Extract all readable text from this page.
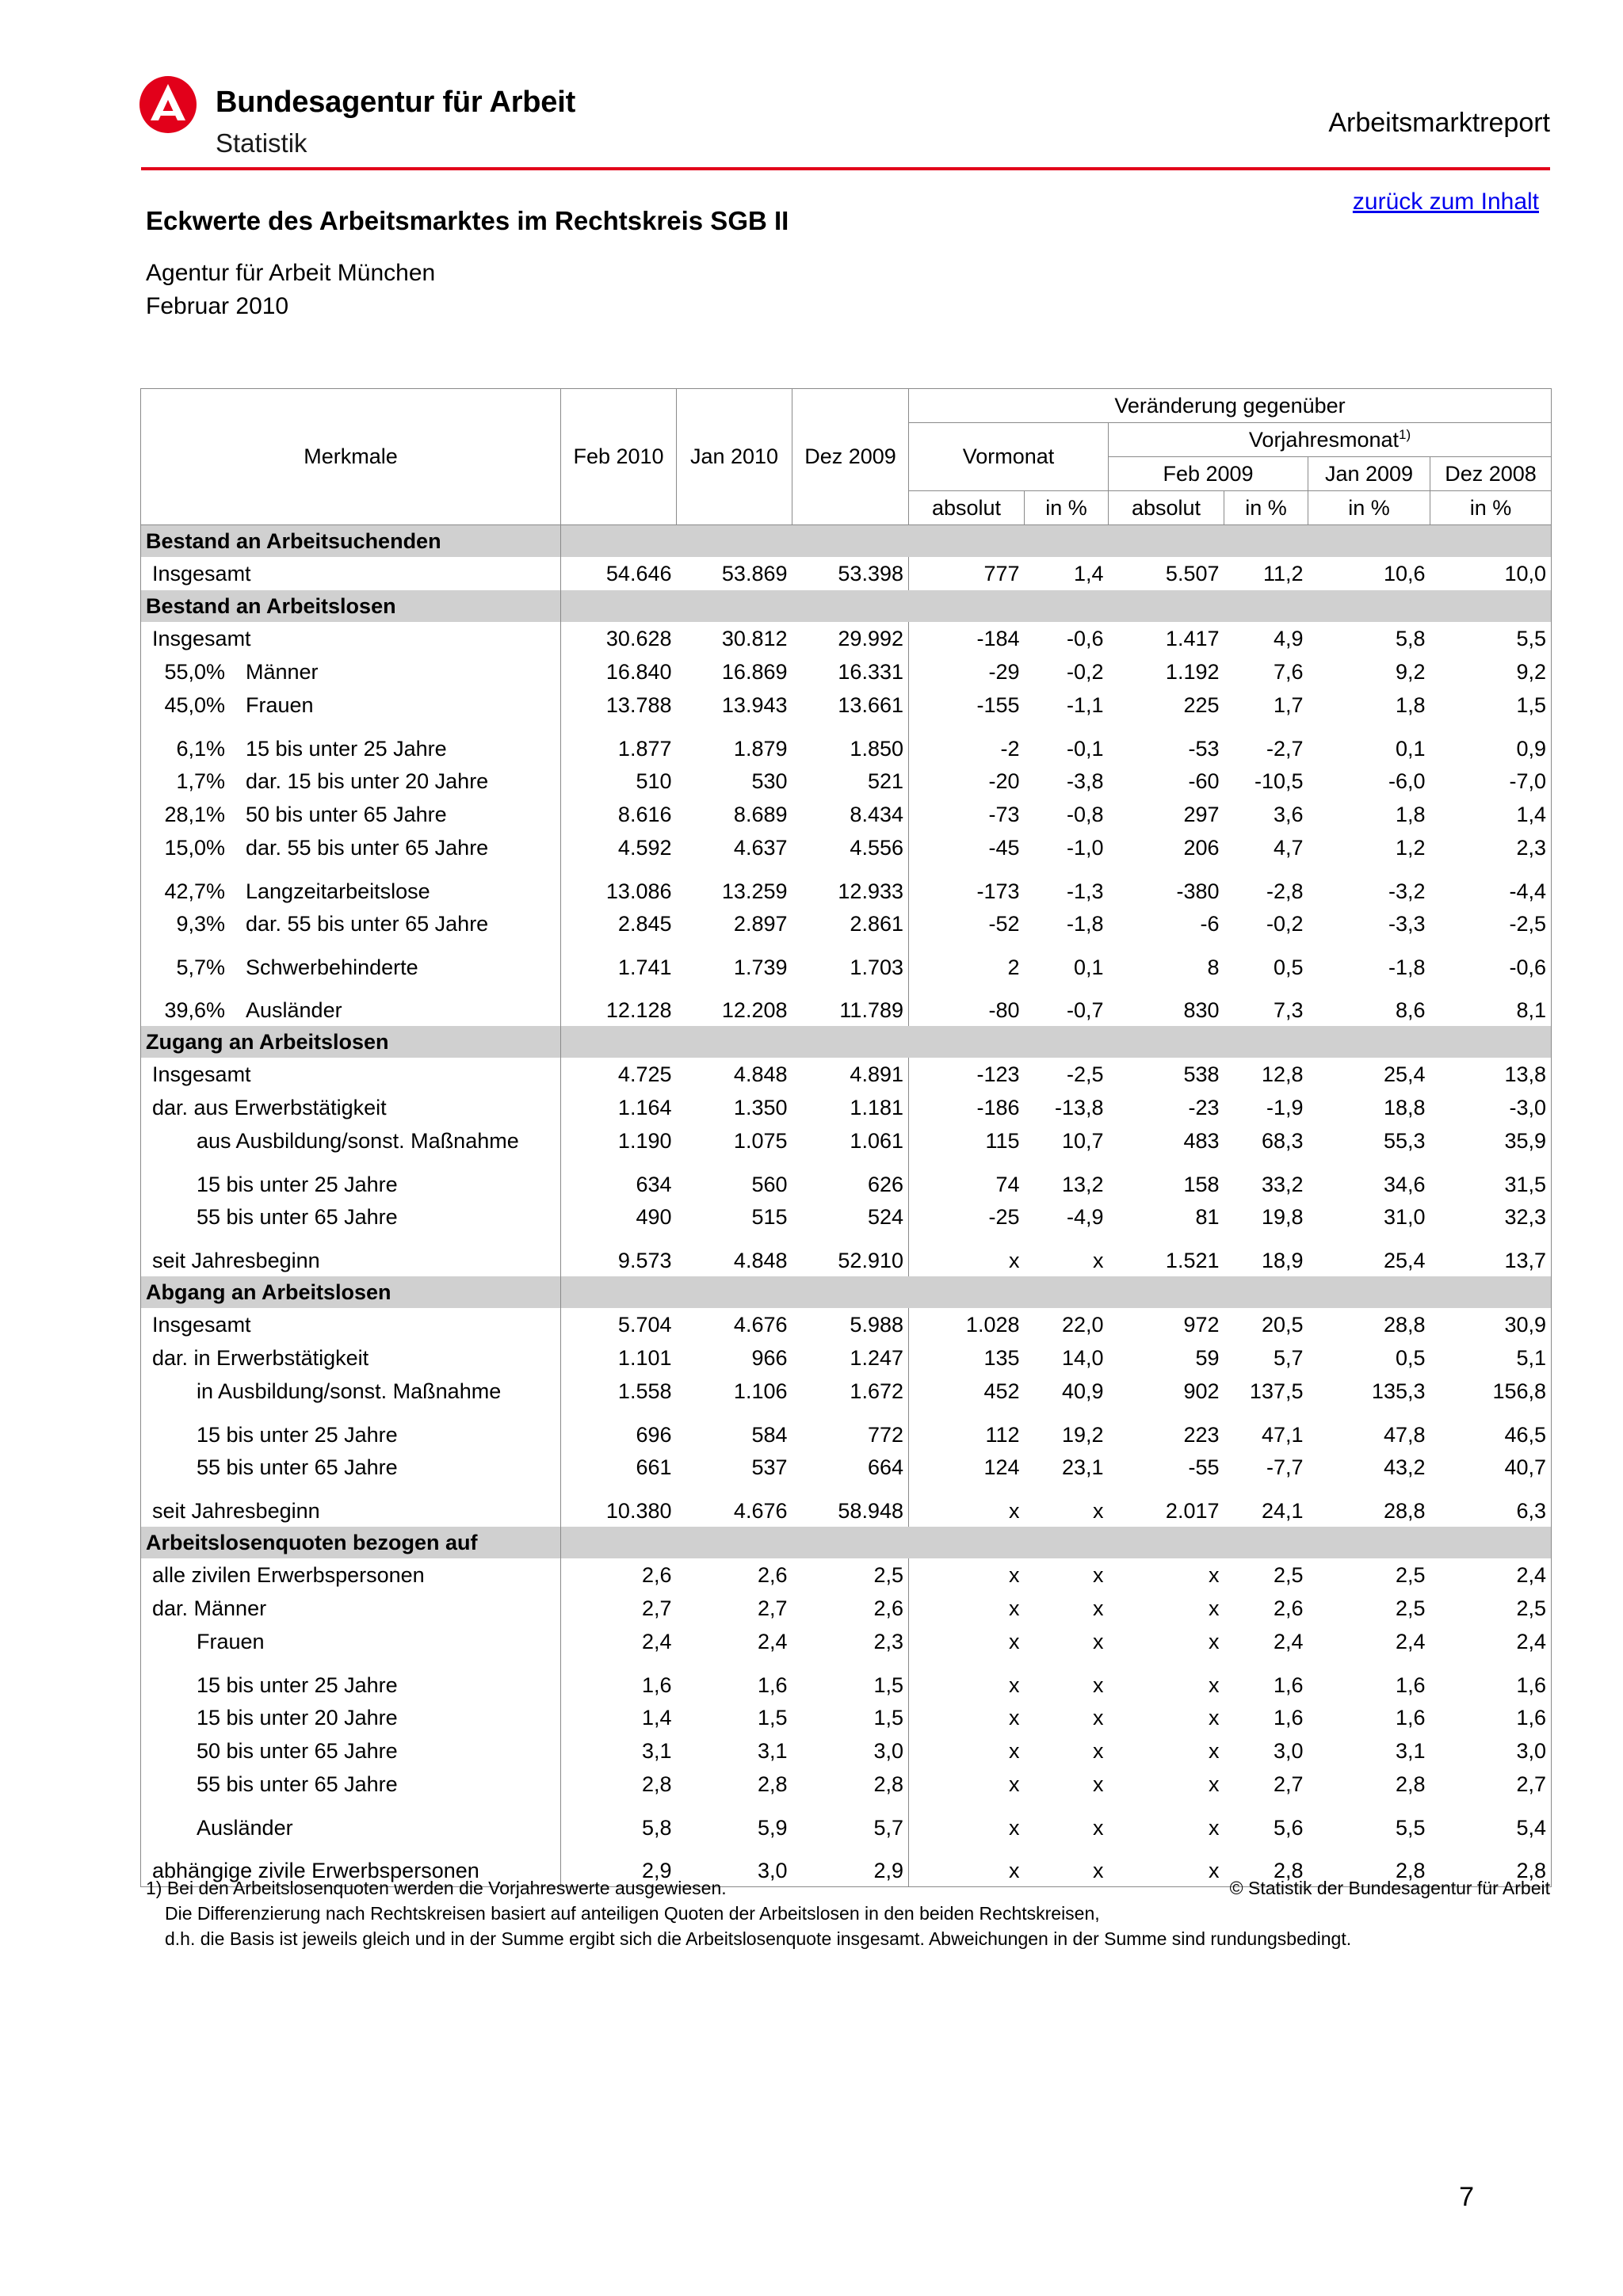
Bundesagentur für Arbeit
Statistik
Arbeitsmarktreport
zurück zum Inhalt
Eckwerte des Arbeitsmarktes im Rechtskreis SGB II
Agentur für Arbeit München
Februar 2010
Merkmale	Feb 2010	Jan 2010	Dez 2009	Veränderung gegenüber					
				Vormonat		Vorjahresmonat$^{1)}$
						Feb 2009		Jan 2009	Dez 2008
				absolut	in %	absolut	in %	in %	in %
Bestand an Arbeitsuchenden									

Insgesamt	54.646	53.869	53.398	777	1,4	5.507	11,2	10,6	10,0
Bestand an Arbeitslosen									

Insgesamt	30.628	30.812	29.992	-184	-0,6	1.417	4,9	5,8	5,5

55,0% Männer	16.840	16.869	16.331	-29	-0,2	1.192	7,6	9,2	9,2

45,0% Frauen	13.788	13.943	13.661	-155	-1,1	225	1,7	1,8	1,5

6,1% 15 bis unter 25 Jahre	1.877	1.879	1.850	-2	-0,1	-53	-2,7	0,1	0,9

1,7% dar. 15 bis unter 20 Jahre	510	530	521	-20	-3,8	-60	-10,5	-6,0	-7,0

28,1% 50 bis unter 65 Jahre	8.616	8.689	8.434	-73	-0,8	297	3,6	1,8	1,4

15,0% dar. 55 bis unter 65 Jahre	4.592	4.637	4.556	-45	-1,0	206	4,7	1,2	2,3

42,7% Langzeitarbeitslose	13.086	13.259	12.933	-173	-1,3	-380	-2,8	-3,2	-4,4

9,3% dar. 55 bis unter 65 Jahre	2.845	2.897	2.861	-52	-1,8	-6	-0,2	-3,3	-2,5

5,7% Schwerbehinderte	1.741	1.739	1.703	2	0,1	8	0,5	-1,8	-0,6

39,6% Ausländer	12.128	12.208	11.789	-80	-0,7	830	7,3	8,6	8,1
Zugang an Arbeitslosen									

Insgesamt	4.725	4.848	4.891	-123	-2,5	538	12,8	25,4	13,8

dar. aus Erwerbstätigkeit	1.164	1.350	1.181	-186	-13,8	-23	-1,9	18,8	-3,0

aus Ausbildung/sonst. Maßnahme	1.190	1.075	1.061	115	10,7	483	68,3	55,3	35,9

15 bis unter 25 Jahre	634	560	626	74	13,2	158	33,2	34,6	31,5

55 bis unter 65 Jahre	490	515	524	-25	-4,9	81	19,8	31,0	32,3

seit Jahresbeginn	9.573	4.848	52.910	x	x	1.521	18,9	25,4	13,7
Abgang an Arbeitslosen									

Insgesamt	5.704	4.676	5.988	1.028	22,0	972	20,5	28,8	30,9

dar. in Erwerbstätigkeit	1.101	966	1.247	135	14,0	59	5,7	0,5	5,1

in Ausbildung/sonst. Maßnahme	1.558	1.106	1.672	452	40,9	902	137,5	135,3	156,8

15 bis unter 25 Jahre	696	584	772	112	19,2	223	47,1	47,8	46,5

55 bis unter 65 Jahre	661	537	664	124	23,1	-55	-7,7	43,2	40,7

seit Jahresbeginn	10.380	4.676	58.948	x	x	2.017	24,1	28,8	6,3
Arbeitslosenquoten bezogen auf									

alle zivilen Erwerbspersonen	2,6	2,6	2,5	x	x	x	2,5	2,5	2,4

dar. Männer	2,7	2,7	2,6	x	x	x	2,6	2,5	2,5

Frauen	2,4	2,4	2,3	x	x	x	2,4	2,4	2,4

15 bis unter 25 Jahre	1,6	1,6	1,5	x	x	x	1,6	1,6	1,6

15 bis unter 20 Jahre	1,4	1,5	1,5	x	x	x	1,6	1,6	1,6

50 bis unter 65 Jahre	3,1	3,1	3,0	x	x	x	3,0	3,1	3,0

55 bis unter 65 Jahre	2,8	2,8	2,8	x	x	x	2,7	2,8	2,7

Ausländer	5,8	5,9	5,7	x	x	x	5,6	5,5	5,4

abhängige zivile Erwerbspersonen	2,9	3,0	2,9	x	x	x	2,8	2,8	2,8
1) Bei den Arbeitslosenquoten werden die Vorjahreswerte ausgewiesen.
Die Differenzierung nach Rechtskreisen basiert auf anteiligen Quoten der Arbeitslosen in den beiden Rechtskreisen,
d.h. die Basis ist jeweils gleich und in der Summe ergibt sich die Arbeitslosenquote insgesamt. Abweichungen in der Summe sind rundungsbedingt.
© Statistik der Bundesagentur für Arbeit
7
